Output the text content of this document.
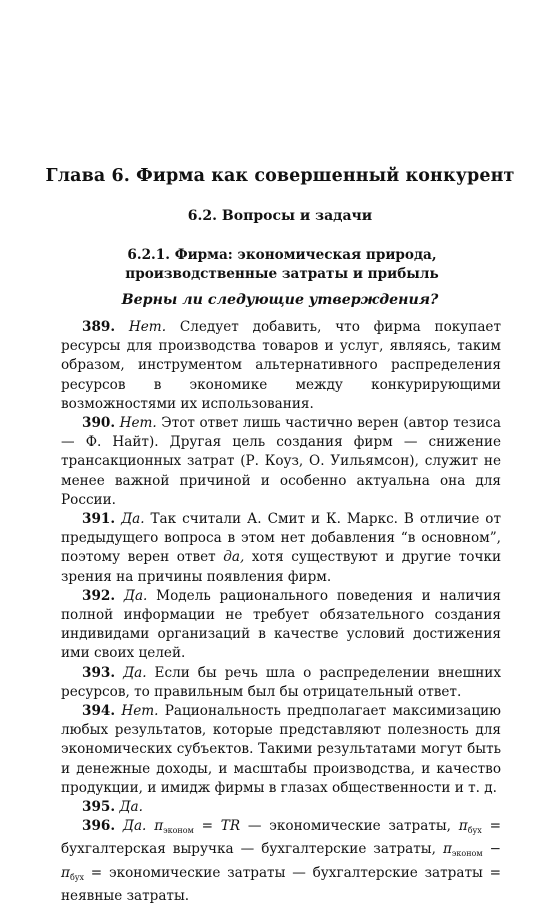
Глава 6. Фирма как совершенный конкурент
6.2. Вопросы и задачи
6.2.1. Фирма: экономическая природа, производственные затраты и прибыль
Верны ли следующие утверждения?

389. Нет. Следует добавить, что фирма покупает ресурсы для производства товаров и услуг, являясь, таким образом, инструментом альтернативного распределения ресурсов в экономике между конкурирующими возможностями их использования.

390. Нет. Этот ответ лишь частично верен (автор тезиса — Ф. Найт). Другая цель создания фирм — снижение трансакционных затрат (Р. Коуз, О. Уильямсон), служит не менее важной причиной и особенно актуальна она для России.

391. Да. Так считали А. Смит и К. Маркс. В отличие от предыдущего вопроса в этом нет добавления “в основном”, поэтому верен ответ да, хотя существуют и другие точки зрения на причины появления фирм.

392. Да. Модель рационального поведения и наличия полной информации не требует обязательного создания индивидами организаций в качестве условий достижения ими своих целей.

393. Да. Если бы речь шла о распределении внешних ресурсов, то правильным был бы отрицательный ответ.

394. Нет. Рациональность предполагает максимизацию любых результатов, которые представляют полезность для экономических субъектов. Такими результатами могут быть и денежные доходы, и масштабы производства, и качество продукции, и имидж фирмы в глазах общественности и т. д.

395. Да.

396. Да. $\pi_{эконом}$ = TR — экономические затраты, $\pi_{бух}$ = бухгалтерская выручка — бухгалтерские затраты, $\pi_{эконом} - \pi_{бух}$ = экономические затраты — бухгалтерские затраты = неявные затраты.
